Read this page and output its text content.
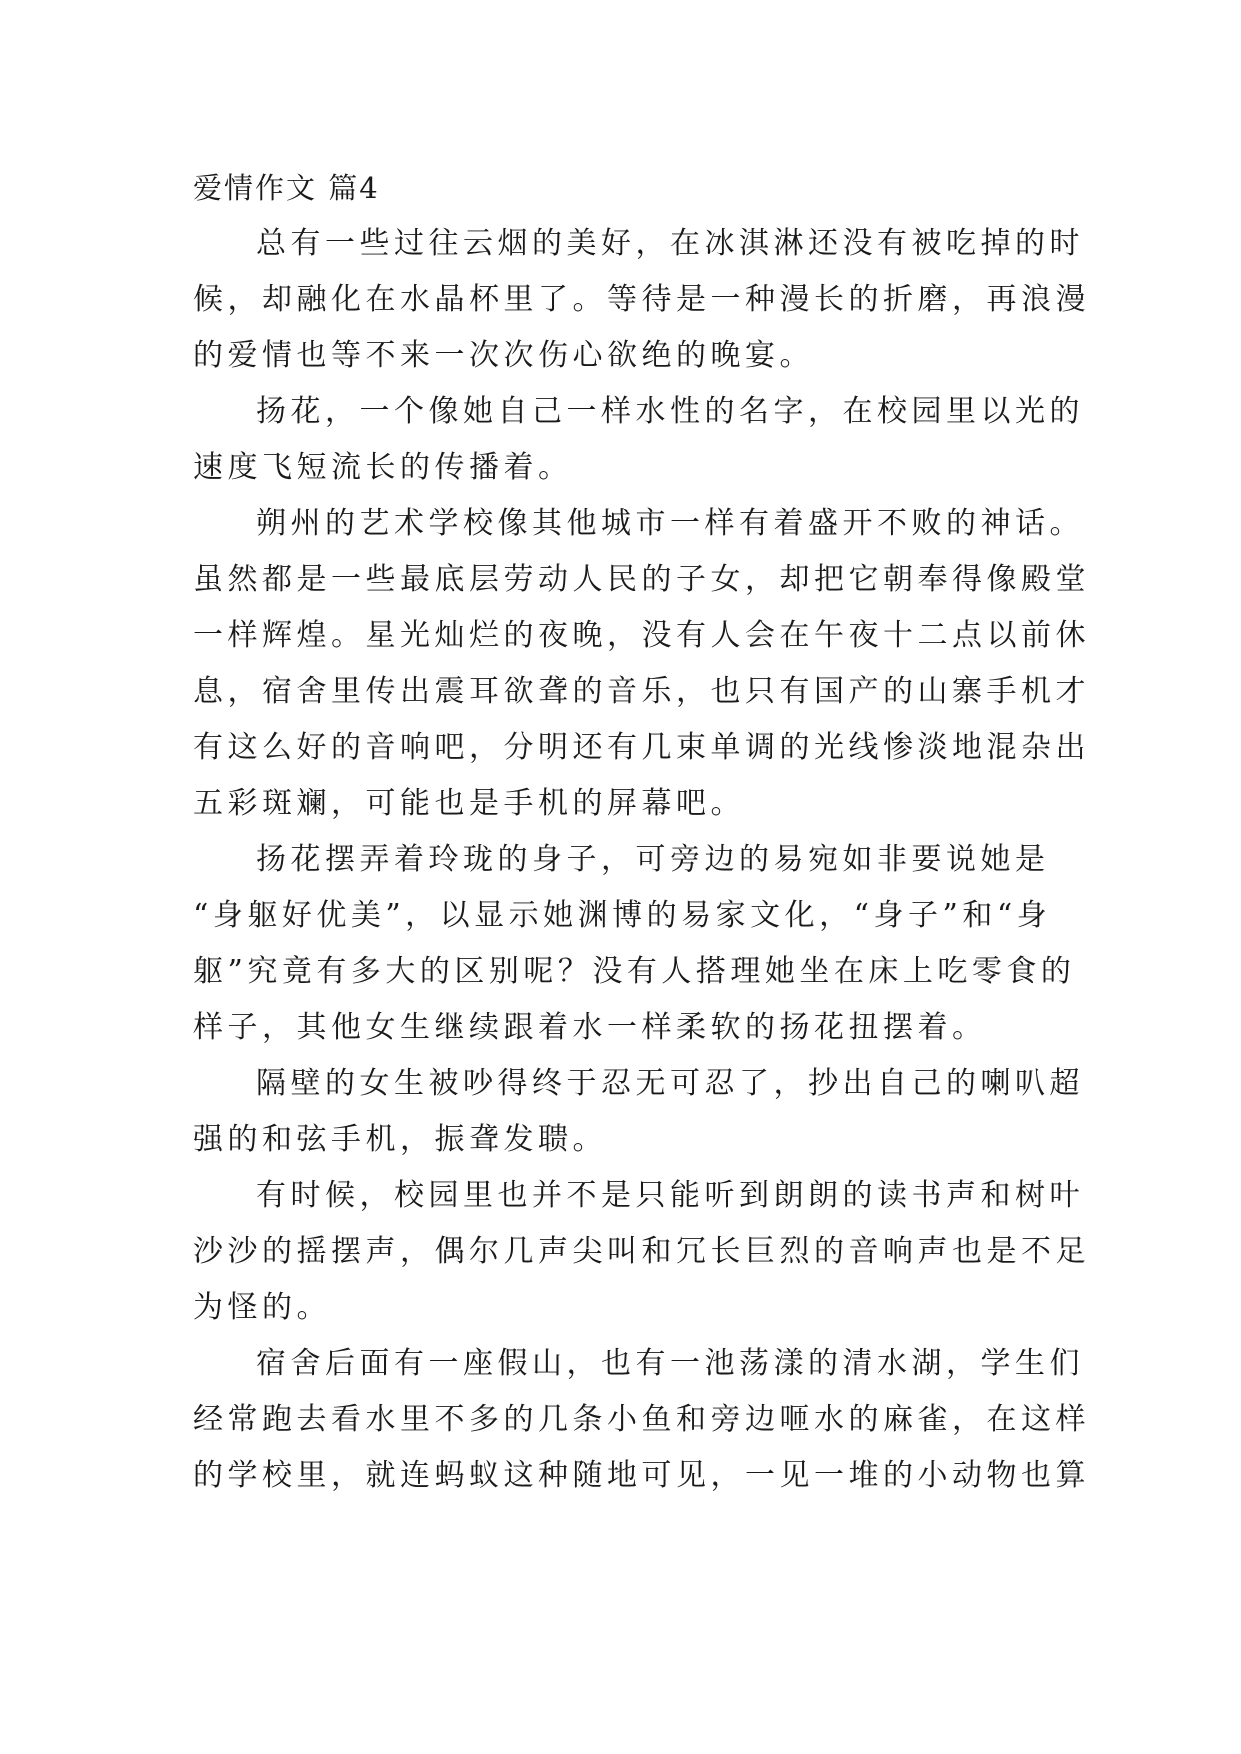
爱情作文 篇4
总有一些过往云烟的美好，在冰淇淋还没有被吃掉的时
候，却融化在水晶杯里了。等待是一种漫长的折磨，再浪漫
的爱情也等不来一次次伤心欲绝的晚宴。
扬花，一个像她自己一样水性的名字，在校园里以光的
速度飞短流长的传播着。
朔州的艺术学校像其他城市一样有着盛开不败的神话。
虽然都是一些最底层劳动人民的子女，却把它朝奉得像殿堂
一样辉煌。星光灿烂的夜晚，没有人会在午夜十二点以前休
息，宿舍里传出震耳欲聋的音乐，也只有国产的山寨手机才
有这么好的音响吧，分明还有几束单调的光线惨淡地混杂出
五彩斑斓，可能也是手机的屏幕吧。
扬花摆弄着玲珑的身子，可旁边的易宛如非要说她是
“身躯好优美”，以显示她渊博的易家文化，“身子”和“身
躯”究竟有多大的区别呢？没有人搭理她坐在床上吃零食的
样子，其他女生继续跟着水一样柔软的扬花扭摆着。
隔壁的女生被吵得终于忍无可忍了，抄出自己的喇叭超
强的和弦手机，振聋发聩。
有时候，校园里也并不是只能听到朗朗的读书声和树叶
沙沙的摇摆声，偶尔几声尖叫和冗长巨烈的音响声也是不足
为怪的。
宿舍后面有一座假山，也有一池荡漾的清水湖，学生们
经常跑去看水里不多的几条小鱼和旁边咂水的麻雀，在这样
的学校里，就连蚂蚁这种随地可见，一见一堆的小动物也算
